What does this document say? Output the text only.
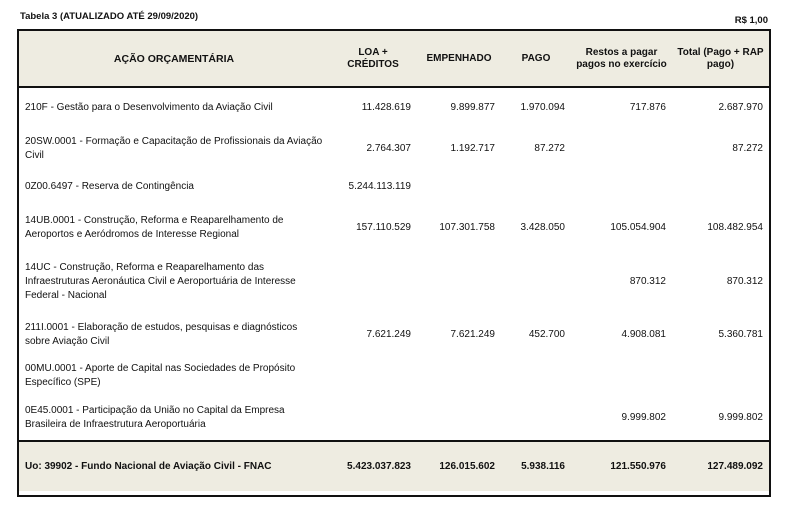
Tabela 3 (ATUALIZADO ATÉ 29/09/2020)	R$ 1,00
AÇÃO ORÇAMENTÁRIA	LOA + CRÉDITOS	EMPENHADO	PAGO	Restos a pagar pagos no exercício	Total (Pago + RAP pago)
210F - Gestão para o Desenvolvimento da Aviação Civil	11.428.619	9.899.877	1.970.094	717.876	2.687.970
20SW.0001 - Formação e Capacitação de Profissionais da Aviação Civil	2.764.307	1.192.717	87.272		87.272
0Z00.6497 - Reserva de Contingência	5.244.113.119				
14UB.0001 - Construção, Reforma e Reaparelhamento de Aeroportos e Aeródromos de Interesse Regional	157.110.529	107.301.758	3.428.050	105.054.904	108.482.954
14UC - Construção, Reforma e Reaparelhamento das Infraestruturas Aeronáutica Civil e Aeroportuária de Interesse Federal - Nacional				870.312	870.312
211I.0001 - Elaboração de estudos, pesquisas e diagnósticos sobre Aviação Civil	7.621.249	7.621.249	452.700	4.908.081	5.360.781
00MU.0001 - Aporte de Capital nas Sociedades de Propósito Específico (SPE)					
0E45.0001 - Participação da União no Capital da Empresa Brasileira de Infraestrutura Aeroportuária				9.999.802	9.999.802
Uo: 39902 - Fundo Nacional de Aviação Civil - FNAC	5.423.037.823	126.015.602	5.938.116	121.550.976	127.489.092
